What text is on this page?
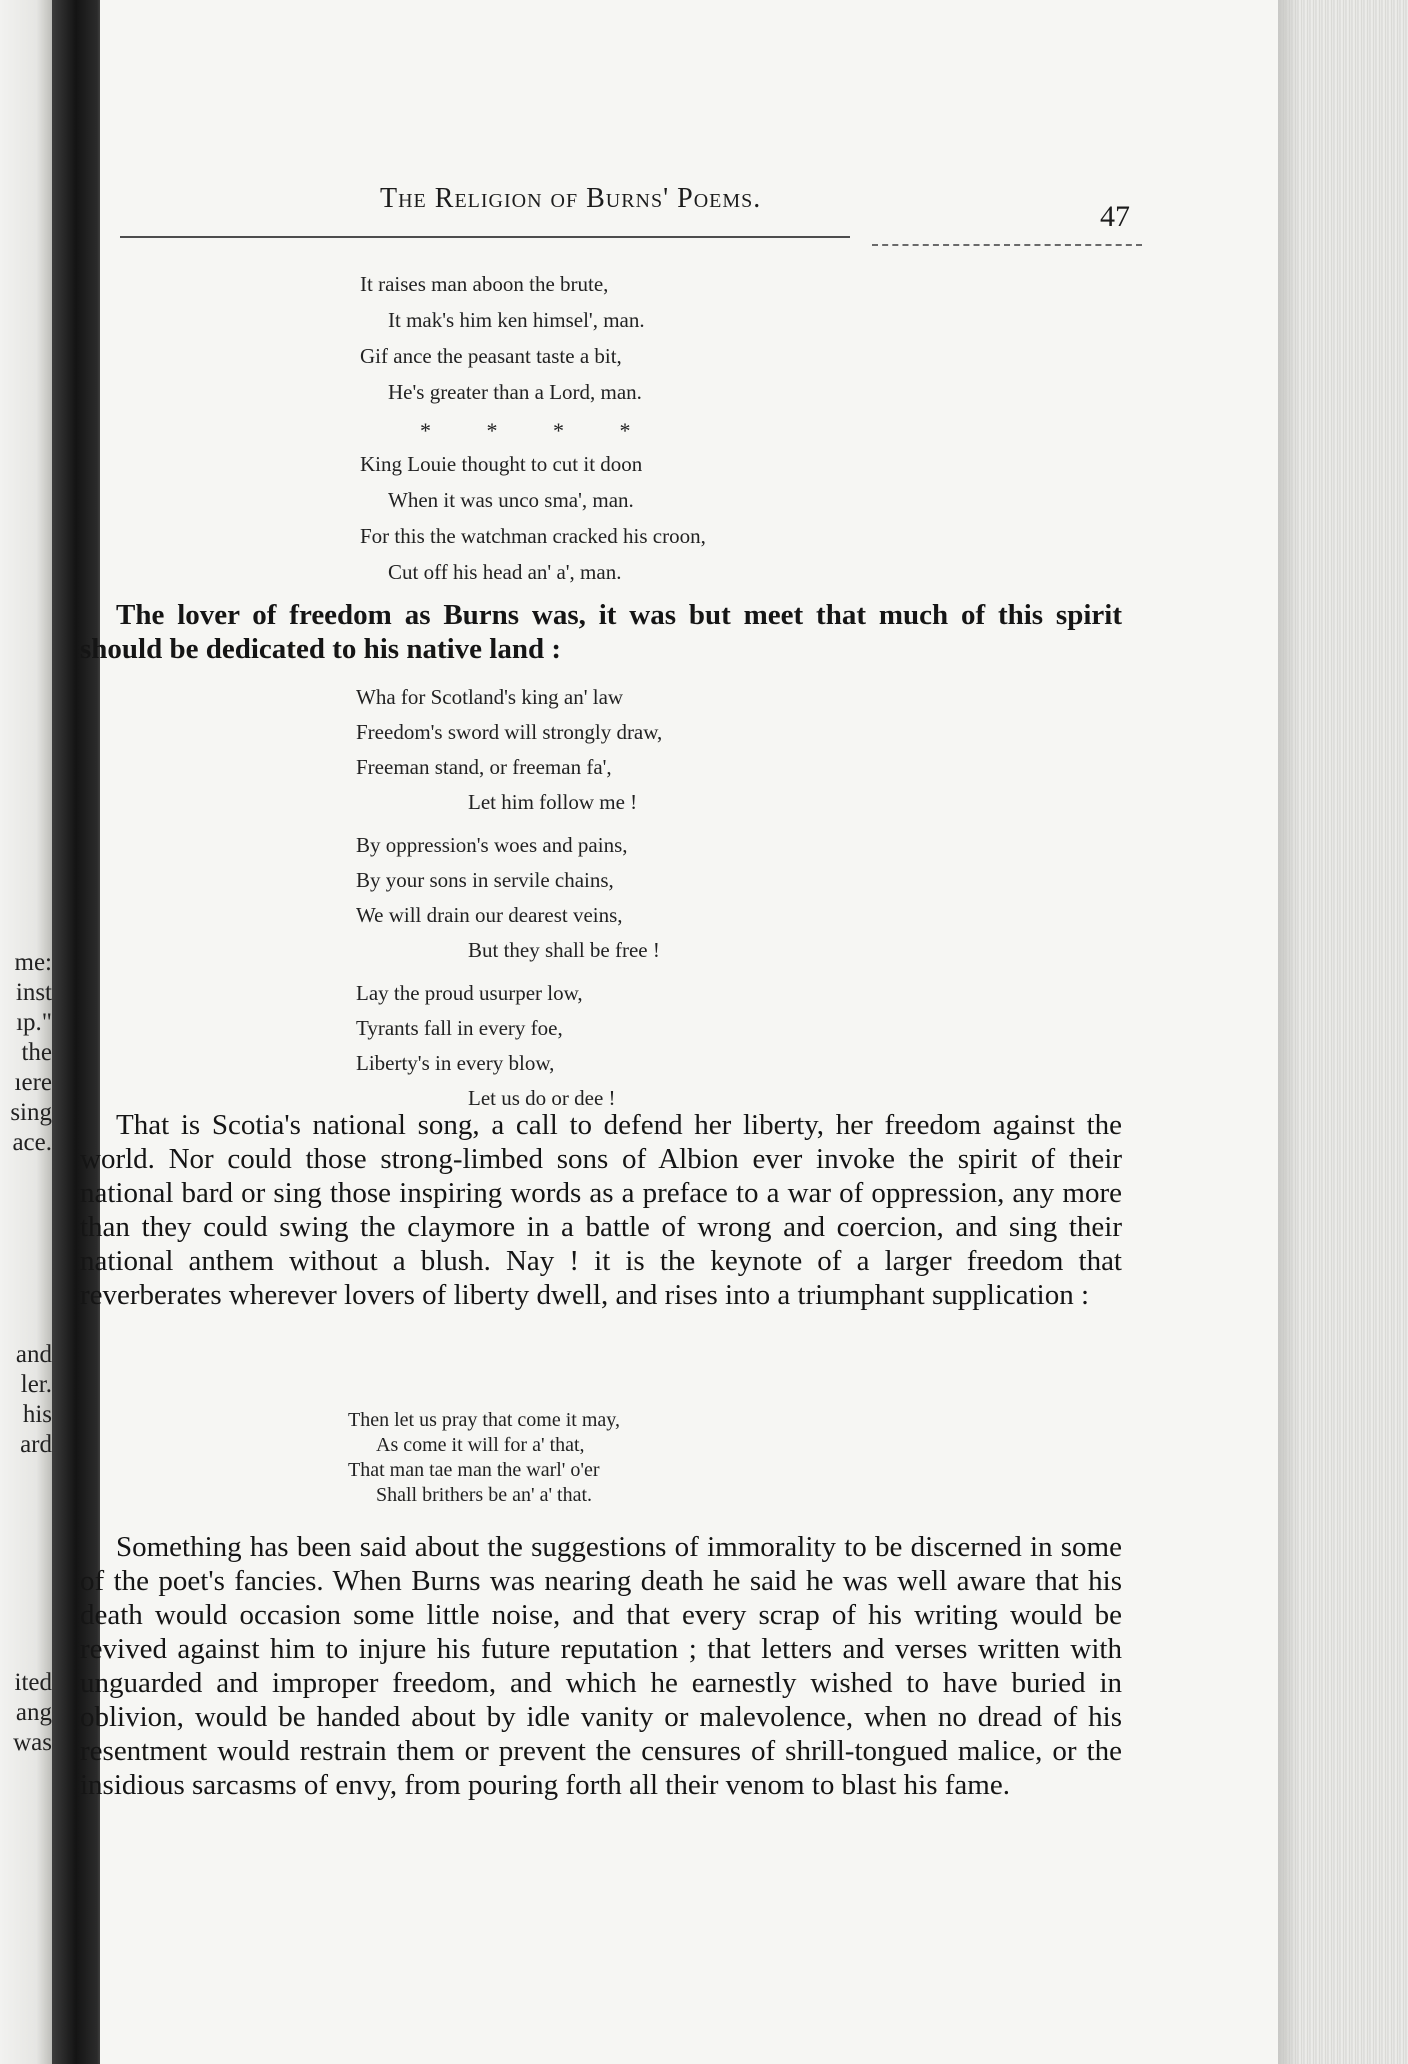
me:
inst
ıp."
the
ıere
sing
ace.
and
ler.
his
ard
ited
ang
was
The Religion of Burns' Poems.
47
It raises man aboon the brute,
It mak's him ken himsel', man.
Gif ance the peasant taste a bit,
He's greater than a Lord, man.
King Louie thought to cut it doon
When it was unco sma', man.
For this the watchman cracked his croon,
Cut off his head an' a', man.
* * * *
The lover of freedom as Burns was, it was but meet that much of this spirit should be dedicated to his native land :
Wha for Scotland's king an' law
Freedom's sword will strongly draw,
Freeman stand, or freeman fa',
Let him follow me !
By oppression's woes and pains,
By your sons in servile chains,
We will drain our dearest veins,
But they shall be free !
Lay the proud usurper low,
Tyrants fall in every foe,
Liberty's in every blow,
Let us do or dee !
That is Scotia's national song, a call to defend her liberty, her freedom against the world. Nor could those strong-limbed sons of Albion ever invoke the spirit of their national bard or sing those inspiring words as a preface to a war of oppression, any more than they could swing the claymore in a battle of wrong and coercion, and sing their national anthem without a blush. Nay ! it is the keynote of a larger freedom that reverberates wherever lovers of liberty dwell, and rises into a triumphant supplication :
Then let us pray that come it may,
As come it will for a' that,
That man tae man the warl' o'er
Shall brithers be an' a' that.
Something has been said about the suggestions of immorality to be discerned in some of the poet's fancies. When Burns was nearing death he said he was well aware that his death would occasion some little noise, and that every scrap of his writing would be revived against him to injure his future reputation ; that letters and verses written with unguarded and improper freedom, and which he earnestly wished to have buried in oblivion, would be handed about by idle vanity or malevolence, when no dread of his resentment would restrain them or prevent the censures of shrill-tongued malice, or the insidious sarcasms of envy, from pouring forth all their venom to blast his fame.
